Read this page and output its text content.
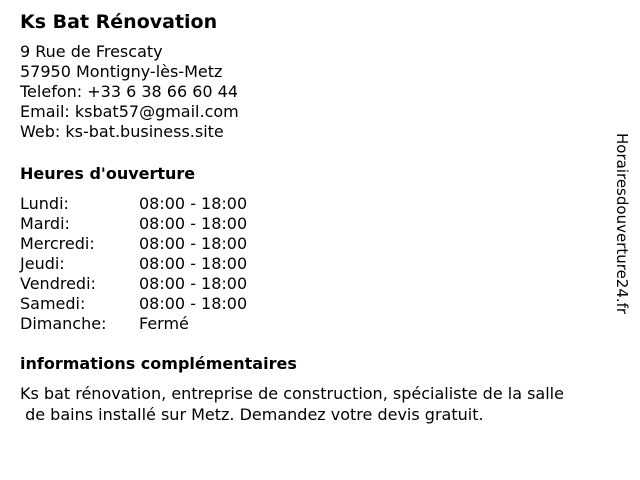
Ks Bat Rénovation
9 Rue de Frescaty
57950 Montigny-lès-Metz
Telefon: +33 6 38 66 60 44
Email: ksbat57@gmail.com
Web: ks-bat.business.site
Heures d'ouverture
Lundi:	08:00 - 18:00
Mardi:	08:00 - 18:00
Mercredi:	08:00 - 18:00
Jeudi:	08:00 - 18:00
Vendredi:	08:00 - 18:00
Samedi:	08:00 - 18:00
Dimanche: Fermé
informations complémentaires
Ks bat rénovation, entreprise de construction, spécialiste de la salle
de bains installé sur Metz. Demandez votre devis gratuit.
Horairesdouverture24.fr
